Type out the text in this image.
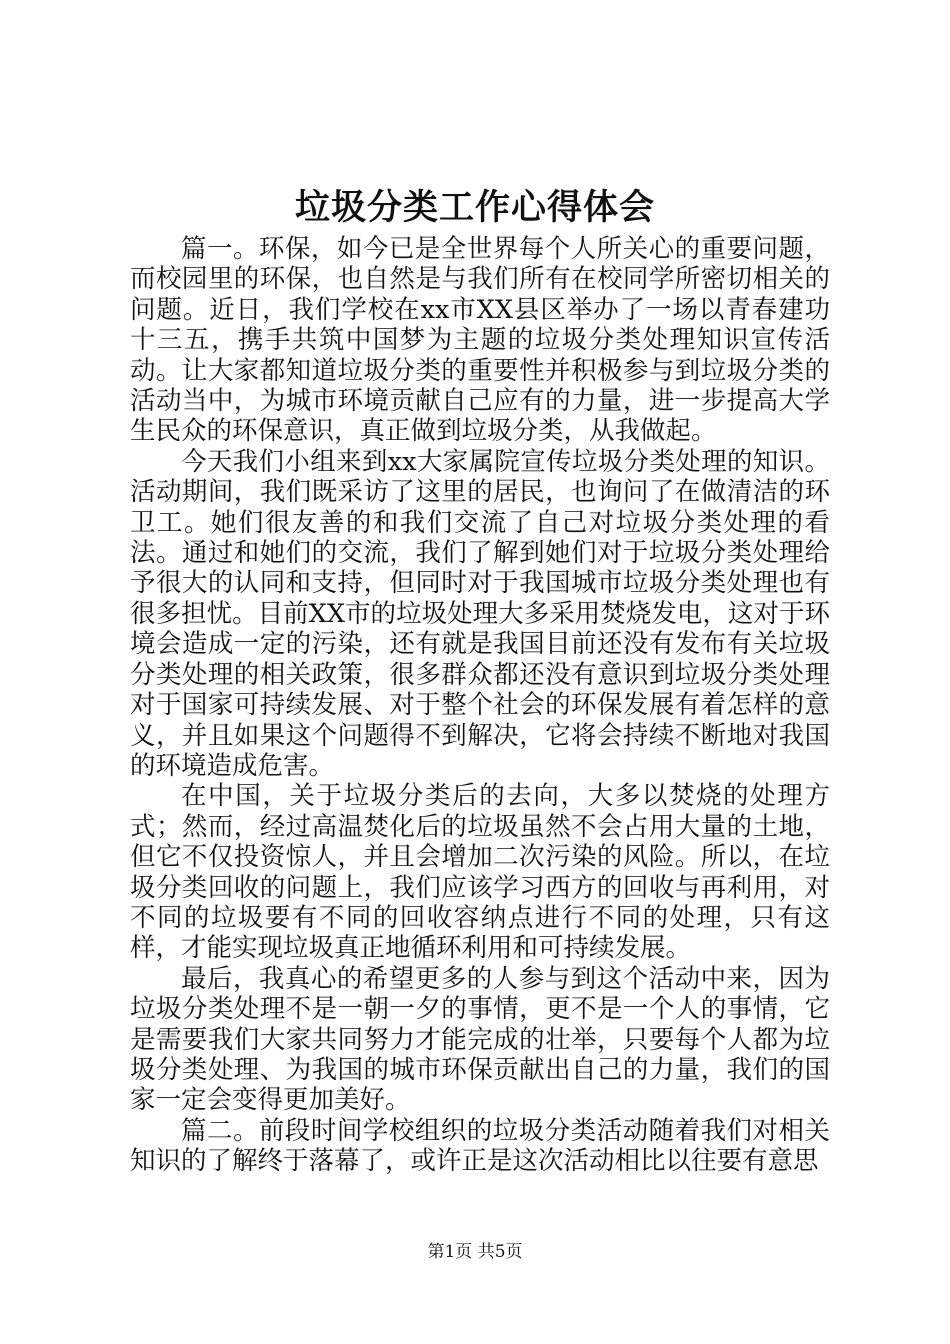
垃圾分类工作心得体会

篇一。环保，如今已是全世界每个人所关心的重要问题，而校园里的环保，也自然是与我们所有在校同学所密切相关的问题。近日，我们学校在xx市XX县区举办了一场以青春建功十三五，携手共筑中国梦为主题的垃圾分类处理知识宣传活动。让大家都知道垃圾分类的重要性并积极参与到垃圾分类的活动当中，为城市环境贡献自己应有的力量，进一步提高大学生民众的环保意识，真正做到垃圾分类，从我做起。

今天我们小组来到xx大家属院宣传垃圾分类处理的知识。活动期间，我们既采访了这里的居民，也询问了在做清洁的环卫工。她们很友善的和我们交流了自己对垃圾分类处理的看法。通过和她们的交流，我们了解到她们对于垃圾分类处理给予很大的认同和支持，但同时对于我国城市垃圾分类处理也有很多担忧。目前XX市的垃圾处理大多采用焚烧发电，这对于环境会造成一定的污染，还有就是我国目前还没有发布有关垃圾分类处理的相关政策，很多群众都还没有意识到垃圾分类处理对于国家可持续发展、对于整个社会的环保发展有着怎样的意义，并且如果这个问题得不到解决，它将会持续不断地对我国的环境造成危害。

在中国，关于垃圾分类后的去向，大多以焚烧的处理方式；然而，经过高温焚化后的垃圾虽然不会占用大量的土地，但它不仅投资惊人，并且会增加二次污染的风险。所以，在垃圾分类回收的问题上，我们应该学习西方的回收与再利用，对不同的垃圾要有不同的回收容纳点进行不同的处理，只有这样，才能实现垃圾真正地循环利用和可持续发展。

最后，我真心的希望更多的人参与到这个活动中来，因为垃圾分类处理不是一朝一夕的事情，更不是一个人的事情，它是需要我们大家共同努力才能完成的壮举，只要每个人都为垃圾分类处理、为我国的城市环保贡献出自己的力量，我们的国家一定会变得更加美好。

篇二。前段时间学校组织的垃圾分类活动随着我们对相关知识的了解终于落幕了，或许正是这次活动相比以往要有意思

第1页 共5页
